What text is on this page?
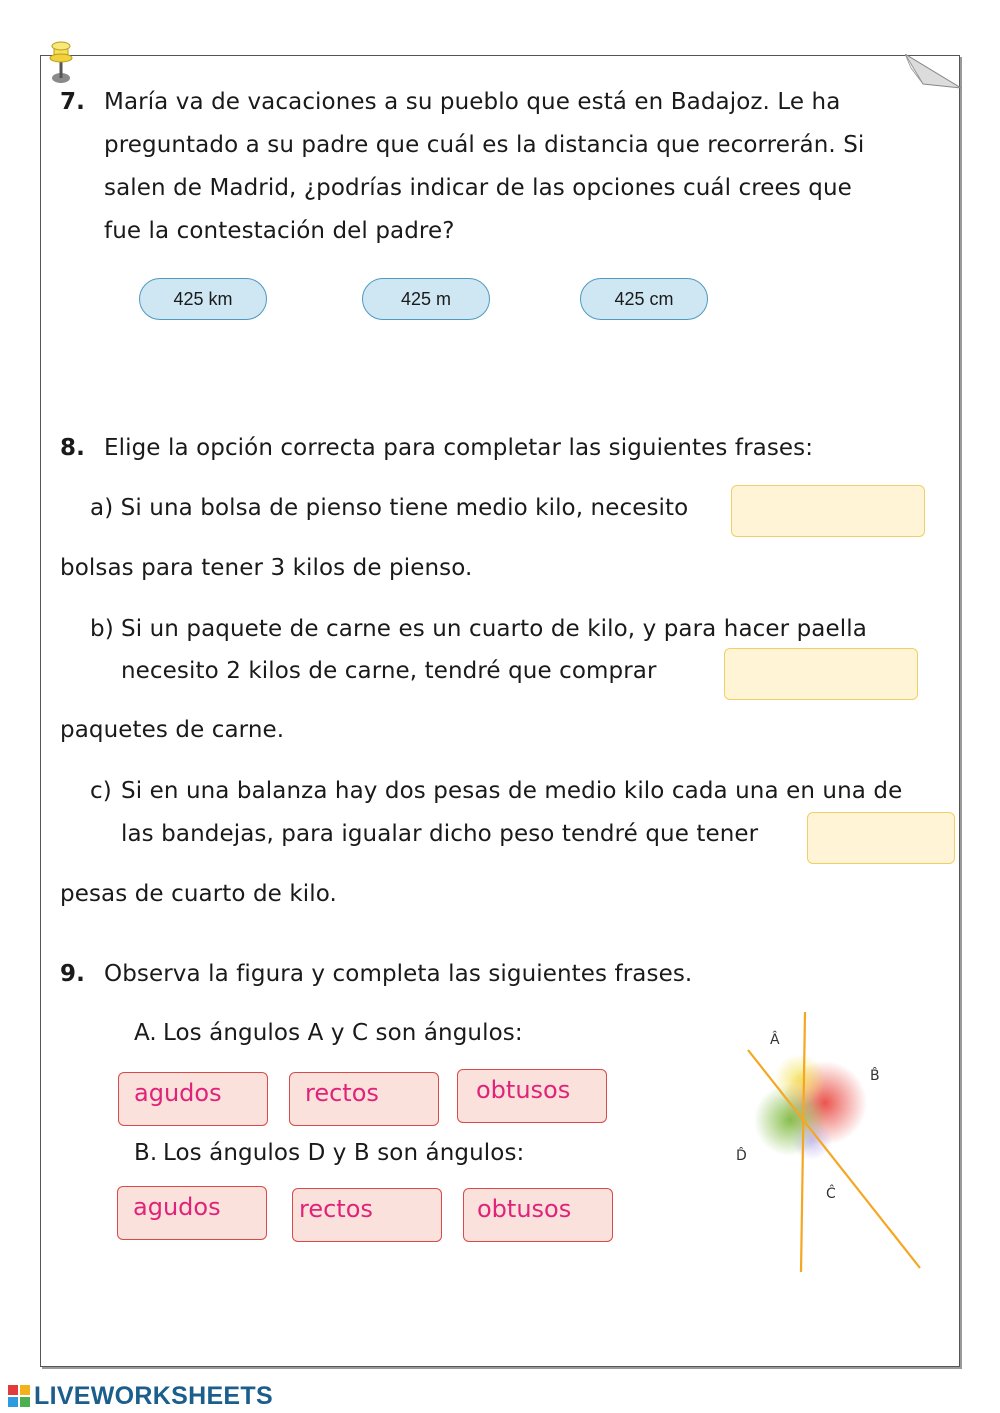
7. María va de vacaciones a su pueblo que está en Badajoz. Le ha
preguntado a su padre que cuál es la distancia que recorrerán. Si
salen de Madrid, ¿podrías indicar de las opciones cuál crees que
fue la contestación del padre?
425 km	425 m	425 cm
8. Elige la opción correcta para completar las siguientes frases:
a) Si una bolsa de pienso tiene medio kilo, necesito
bolsas para tener 3 kilos de pienso.
b) Si un paquete de carne es un cuarto de kilo, y para hacer paella
necesito 2 kilos de carne, tendré que comprar
paquetes de carne.
c) Si en una balanza hay dos pesas de medio kilo cada una en una de
las bandejas, para igualar dicho peso tendré que tener
pesas de cuarto de kilo.
9. Observa la figura y completa las siguientes frases.
A. Los ángulos A y C son ángulos:
agudos	rectos	obtusos
B. Los ángulos D y B son ángulos:
agudos	rectos	obtusos
Â
B̂
D̂
Ĉ
LIVEWORKSHEETS
